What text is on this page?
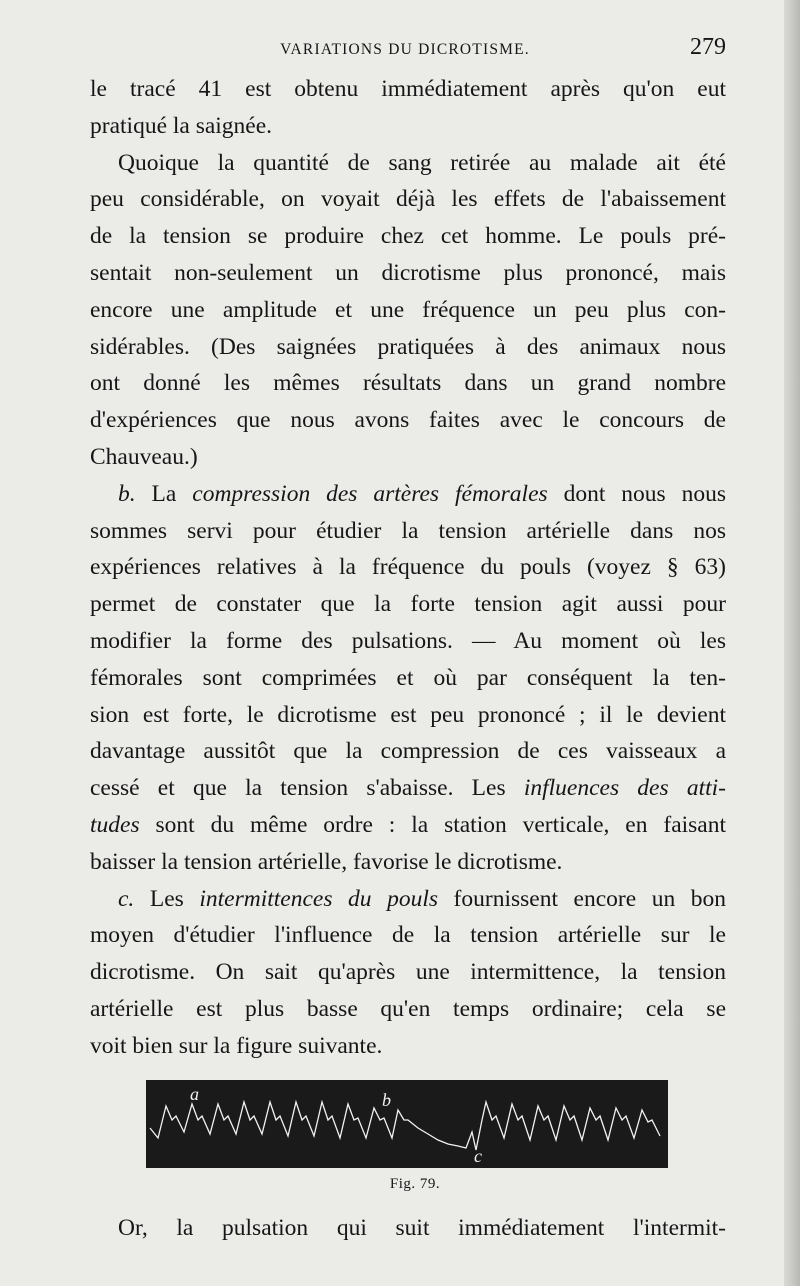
VARIATIONS DU DICROTISME.	279
le tracé 41 est obtenu immédiatement après qu'on eut
pratiqué la saignée.
Quoique la quantité de sang retirée au malade ait été
peu considérable, on voyait déjà les effets de l'abaissement
de la tension se produire chez cet homme. Le pouls pré-
sentait non-seulement un dicrotisme plus prononcé, mais
encore une amplitude et une fréquence un peu plus con-
sidérables. (Des saignées pratiquées à des animaux nous
ont donné les mêmes résultats dans un grand nombre
d'expériences que nous avons faites avec le concours de
Chauveau.)
b. La compression des artères fémorales dont nous nous
sommes servi pour étudier la tension artérielle dans nos
expériences relatives à la fréquence du pouls (voyez § 63)
permet de constater que la forte tension agit aussi pour
modifier la forme des pulsations. — Au moment où les
fémorales sont comprimées et où par conséquent la ten-
sion est forte, le dicrotisme est peu prononcé ; il le devient
davantage aussitôt que la compression de ces vaisseaux a
cessé et que la tension s'abaisse. Les influences des atti-
tudes sont du même ordre : la station verticale, en faisant
baisser la tension artérielle, favorise le dicrotisme.
c. Les intermittences du pouls fournissent encore un bon
moyen d'étudier l'influence de la tension artérielle sur le
dicrotisme. On sait qu'après une intermittence, la tension
artérielle est plus basse qu'en temps ordinaire; cela se
voit bien sur la figure suivante.
a	b
c
Fig. 79.
Or, la pulsation qui suit immédiatement l'intermit-
